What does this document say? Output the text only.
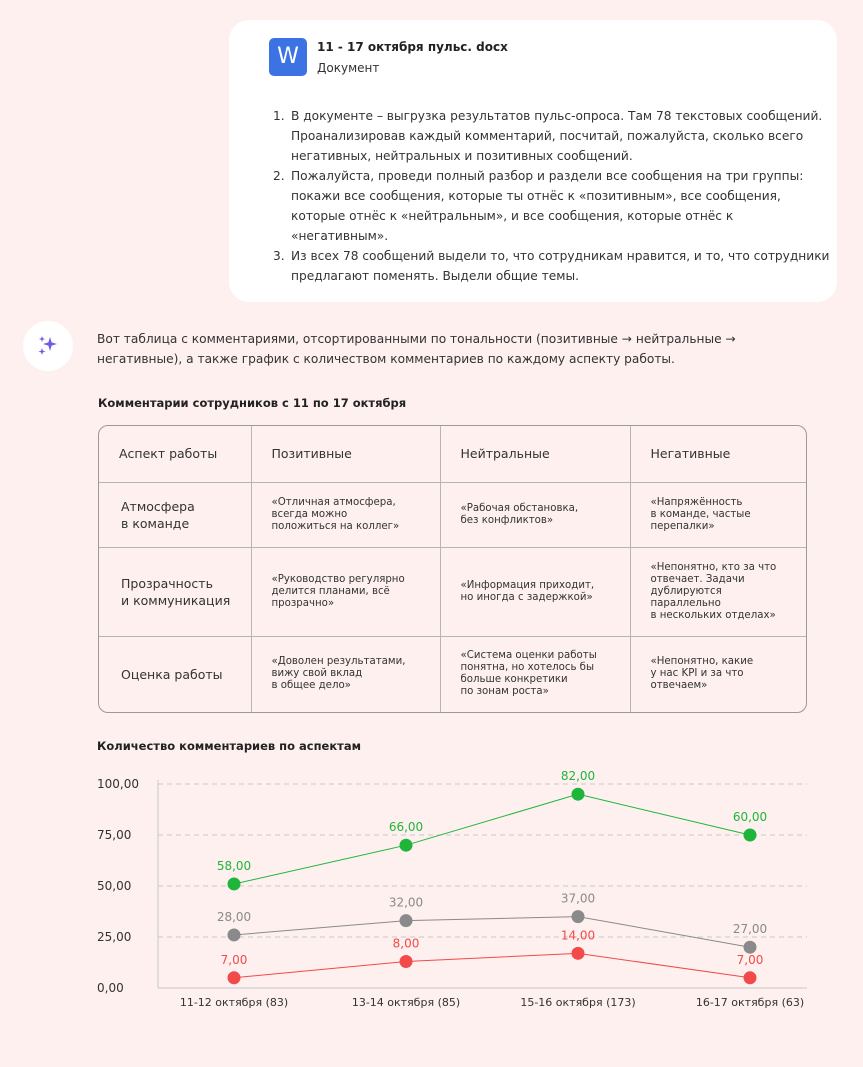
W	11 - 17 октября пульс. docx
Документ
1. В документе – выгрузка результатов пульс-опроса. Там 78 текстовых сообщений. Проанализировав каждый комментарий, посчитай, пожалуйста, сколько всего негативных, нейтральных и позитивных сообщений.
2. Пожалуйста, проведи полный разбор и раздели все сообщения на три группы: покажи все сообщения, которые ты отнёс к «позитивным», все сообщения, которые отнёс к «нейтральным», и все сообщения, которые отнёс к «негативным».
3. Из всех 78 сообщений выдели то, что сотрудникам нравится, и то, что сотрудники предлагают поменять. Выдели общие темы.
Вот таблица с комментариями, отсортированными по тональности (позитивные → нейтральные → негативные), а также график с количеством комментариев по каждому аспекту работы.
Комментарии сотрудников с 11 по 17 октября
Аспект работы	Позитивные	Нейтральные	Негативные
Атмосфера
в команде	«Отличная атмосфера,
всегда можно
положиться на коллег»	«Рабочая обстановка,
без конфликтов»	«Напряжённость
в команде, частые
перепалки»
Прозрачность
и коммуникация	«Руководство регулярно
делится планами, всё
прозрачно»	«Информация приходит,
но иногда с задержкой»	«Непонятно, кто за что
отвечает. Задачи
дублируются
параллельно
в нескольких отделах»
Оценка работы	«Доволен результатами,
вижу свой вклад
в общее дело»	«Система оценки работы
понятна, но хотелось бы
больше конкретики
по зонам роста»	«Непонятно, какие
у нас KPI и за что
отвечаем»
Количество комментариев по аспектам
0,00
25,00
50,00
75,00
100,00
11-12 октября (83)	13-14 октября (85)	15-16 октября (173)	16-17 октября (63)
58,00
66,00
82,00
60,00
28,00
32,00	37,00
27,00
7,00
8,00
14,00
7,00
